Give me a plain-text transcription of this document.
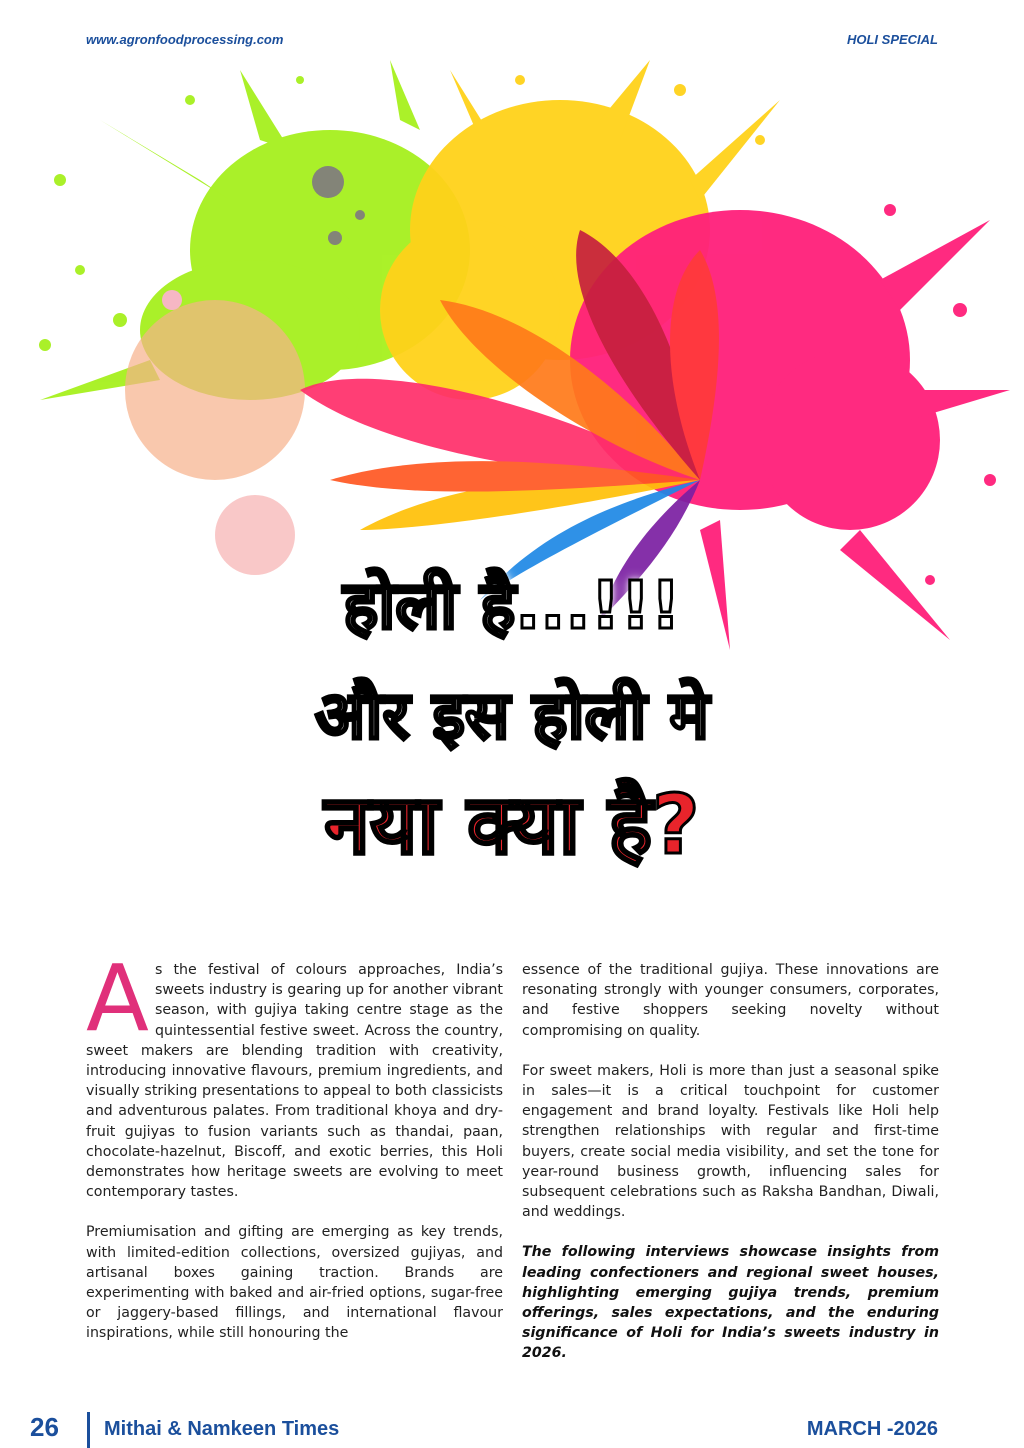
www.agronfoodprocessing.com	HOLI SPECIAL
होली है...!!!
और इस होली मे
नया क्या है?

As the festival of colours approaches, India’s sweets industry is gearing up for another vibrant season, with gujiya taking centre stage as the quintessential festive sweet. Across the country, sweet makers are blending tradition with creativity, introducing innovative flavours, premium ingredients, and visually striking presentations to appeal to both classicists and adventurous palates. From traditional khoya and dry-fruit gujiyas to fusion variants such as thandai, paan, chocolate-hazelnut, Biscoff, and exotic berries, this Holi demonstrates how heritage sweets are evolving to meet contemporary tastes.

Premiumisation and gifting are emerging as key trends, with limited-edition collections, oversized gujiyas, and artisanal boxes gaining traction. Brands are experimenting with baked and air-fried options, sugar-free or jaggery-based fillings, and international flavour inspirations, while still honouring the

essence of the traditional gujiya. These innovations are resonating strongly with younger consumers, corporates, and festive shoppers seeking novelty without compromising on quality.

For sweet makers, Holi is more than just a seasonal spike in sales—it is a critical touchpoint for customer engagement and brand loyalty. Festivals like Holi help strengthen relationships with regular and first-time buyers, create social media visibility, and set the tone for year-round business growth, influencing sales for subsequent celebrations such as Raksha Bandhan, Diwali, and weddings.

The following interviews showcase insights from leading confectioners and regional sweet houses, highlighting emerging gujiya trends, premium offerings, sales expectations, and the enduring significance of Holi for India’s sweets industry in 2026.

26 Mithai & Namkeen Times	MARCH -2026
